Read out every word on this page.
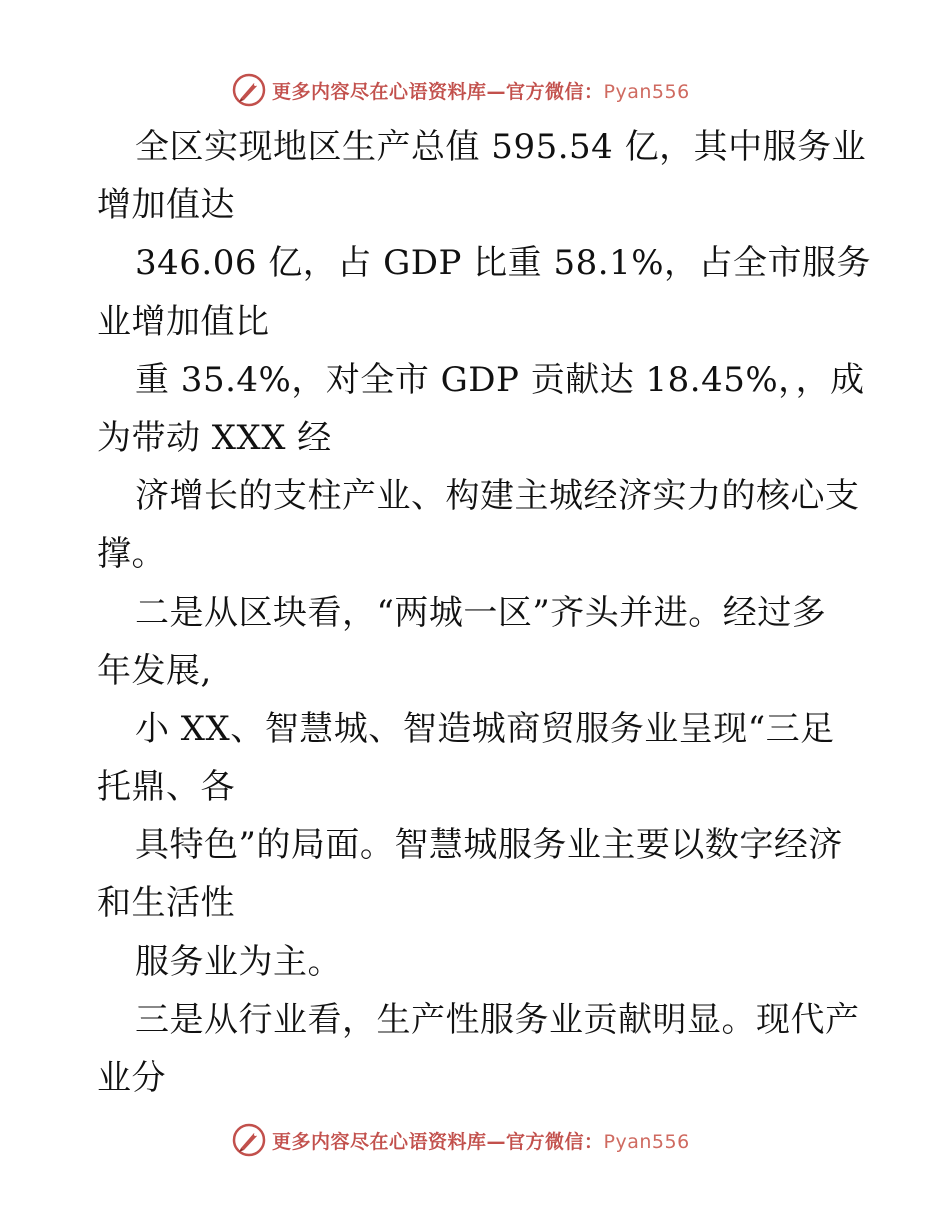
更多内容尽在心语资料库—官方微信：Pyan556
全区实现地区生产总值 595.54 亿，其中服务业
增加值达
346.06 亿，占 GDP 比重 58.1%，占全市服务
业增加值比
重 35.4%，对全市 GDP 贡献达 18.45%，，成
为带动 XXX 经
济增长的支柱产业、构建主城经济实力的核心支
撑。
二是从区块看，“两城一区”齐头并进。经过多
年发展,
小 XX、智慧城、智造城商贸服务业呈现“三足
托鼎、各
具特色”的局面。智慧城服务业主要以数字经济
和生活性
服务业为主。
三是从行业看，生产性服务业贡献明显。现代产
业分
更多内容尽在心语资料库—官方微信：Pyan556
